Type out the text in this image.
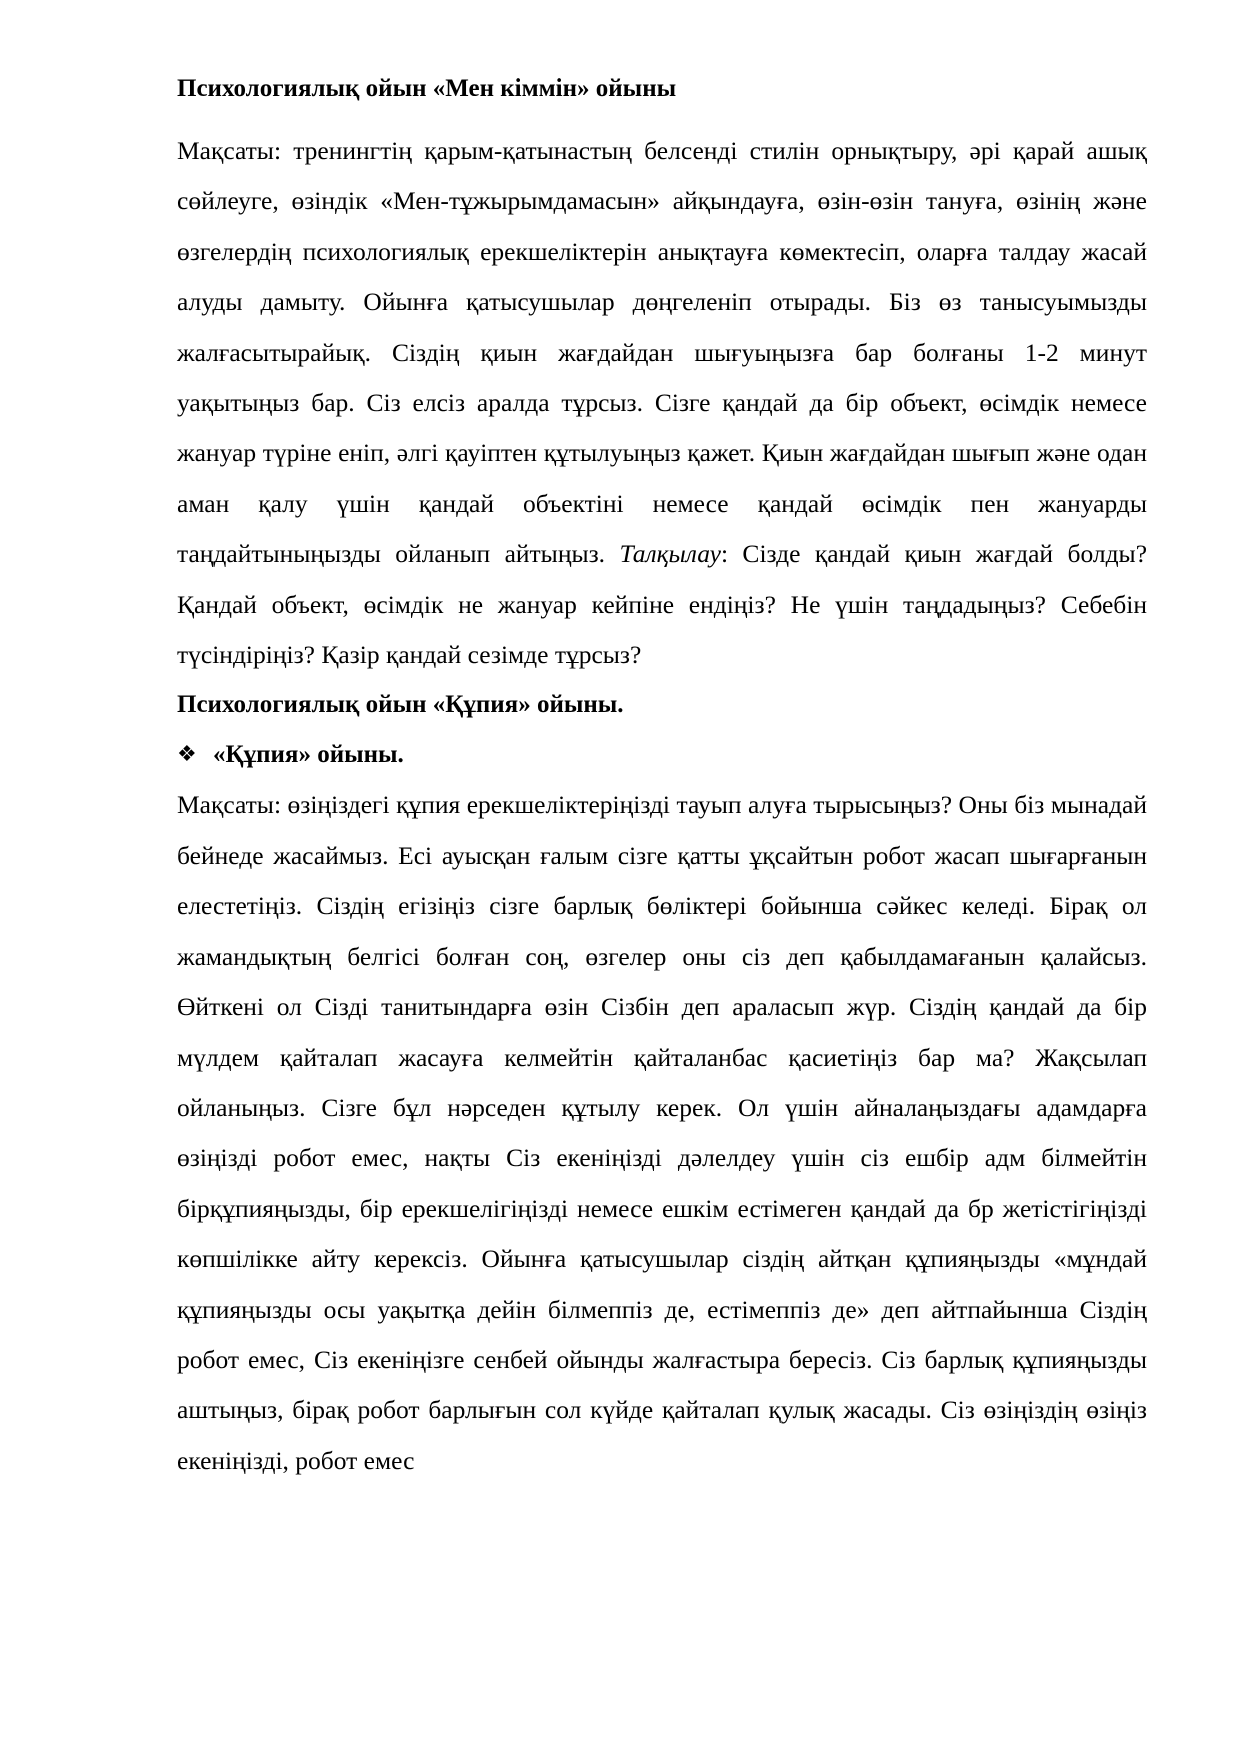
Психологиялық ойын «Мен кіммін» ойыны

Мақсаты: тренингтің қарым-қатынастың белсенді стилін орнықтыру, әрі қарай ашық сөйлеуге, өзіндік «Мен-тұжырымдамасын» айқындауға, өзін-өзін тануға, өзінің және өзгелердің психологиялық ерекшеліктерін анықтауға көмектесіп, оларға талдау жасай алуды дамыту. Ойынға қатысушылар дөңгеленіп отырады. Біз өз танысуымызды жалғасытырайық. Сіздің қиын жағдайдан шығуыңызға бар болғаны 1-2 минут уақытыңыз бар. Сіз елсіз аралда тұрсыз. Сізге қандай да бір объект, өсімдік немесе жануар түріне еніп, әлгі қауіптен құтылуыңыз қажет. Қиын жағдайдан шығып және одан аман қалу үшін қандай объектіні немесе қандай өсімдік пен жануарды таңдайтыныңызды ойланып айтыңыз. Талқылау: Сізде қандай қиын жағдай болды? Қандай объект, өсімдік не жануар кейпіне ендіңіз? Не үшін таңдадыңыз? Себебін түсіндіріңіз? Қазір қандай сезімде тұрсыз?

Психологиялық ойын «Құпия» ойыны.

❖ «Құпия» ойыны.

Мақсаты: өзіңіздегі құпия ерекшеліктеріңізді тауып алуға тырысыңыз? Оны біз мынадай бейнеде жасаймыз. Есі ауысқан ғалым сізге қатты ұқсайтын робот жасап шығарғанын елестетіңіз. Сіздің егізіңіз сізге барлық бөліктері бойынша сәйкес келеді. Бірақ ол жамандықтың белгісі болған соң, өзгелер оны сіз деп қабылдамағанын қалайсыз. Өйткені ол Сізді танитындарға өзін Сізбін деп араласып жүр. Сіздің қандай да бір мүлдем қайталап жасауға келмейтін қайталанбас қасиетіңіз бар ма? Жақсылап ойланыңыз. Сізге бұл нәрседен құтылу керек. Ол үшін айналаңыздағы адамдарға өзіңізді робот емес, нақты Сіз екеніңізді дәлелдеу үшін сіз ешбір адм білмейтін бірқұпияңызды, бір ерекшелігіңізді немесе ешкім естімеген қандай да бр жетістігіңізді көпшілікке айту керексіз. Ойынға қатысушылар сіздің айтқан құпияңызды «мұндай құпияңызды осы уақытқа дейін білмеппіз де, естімеппіз де» деп айтпайынша Сіздің робот емес, Сіз екеніңізге сенбей ойынды жалғастыра бересіз. Сіз барлық құпияңызды аштыңыз, бірақ робот барлығын сол күйде қайталап қулық жасады. Сіз өзіңіздің өзіңіз екеніңізді, робот емес
